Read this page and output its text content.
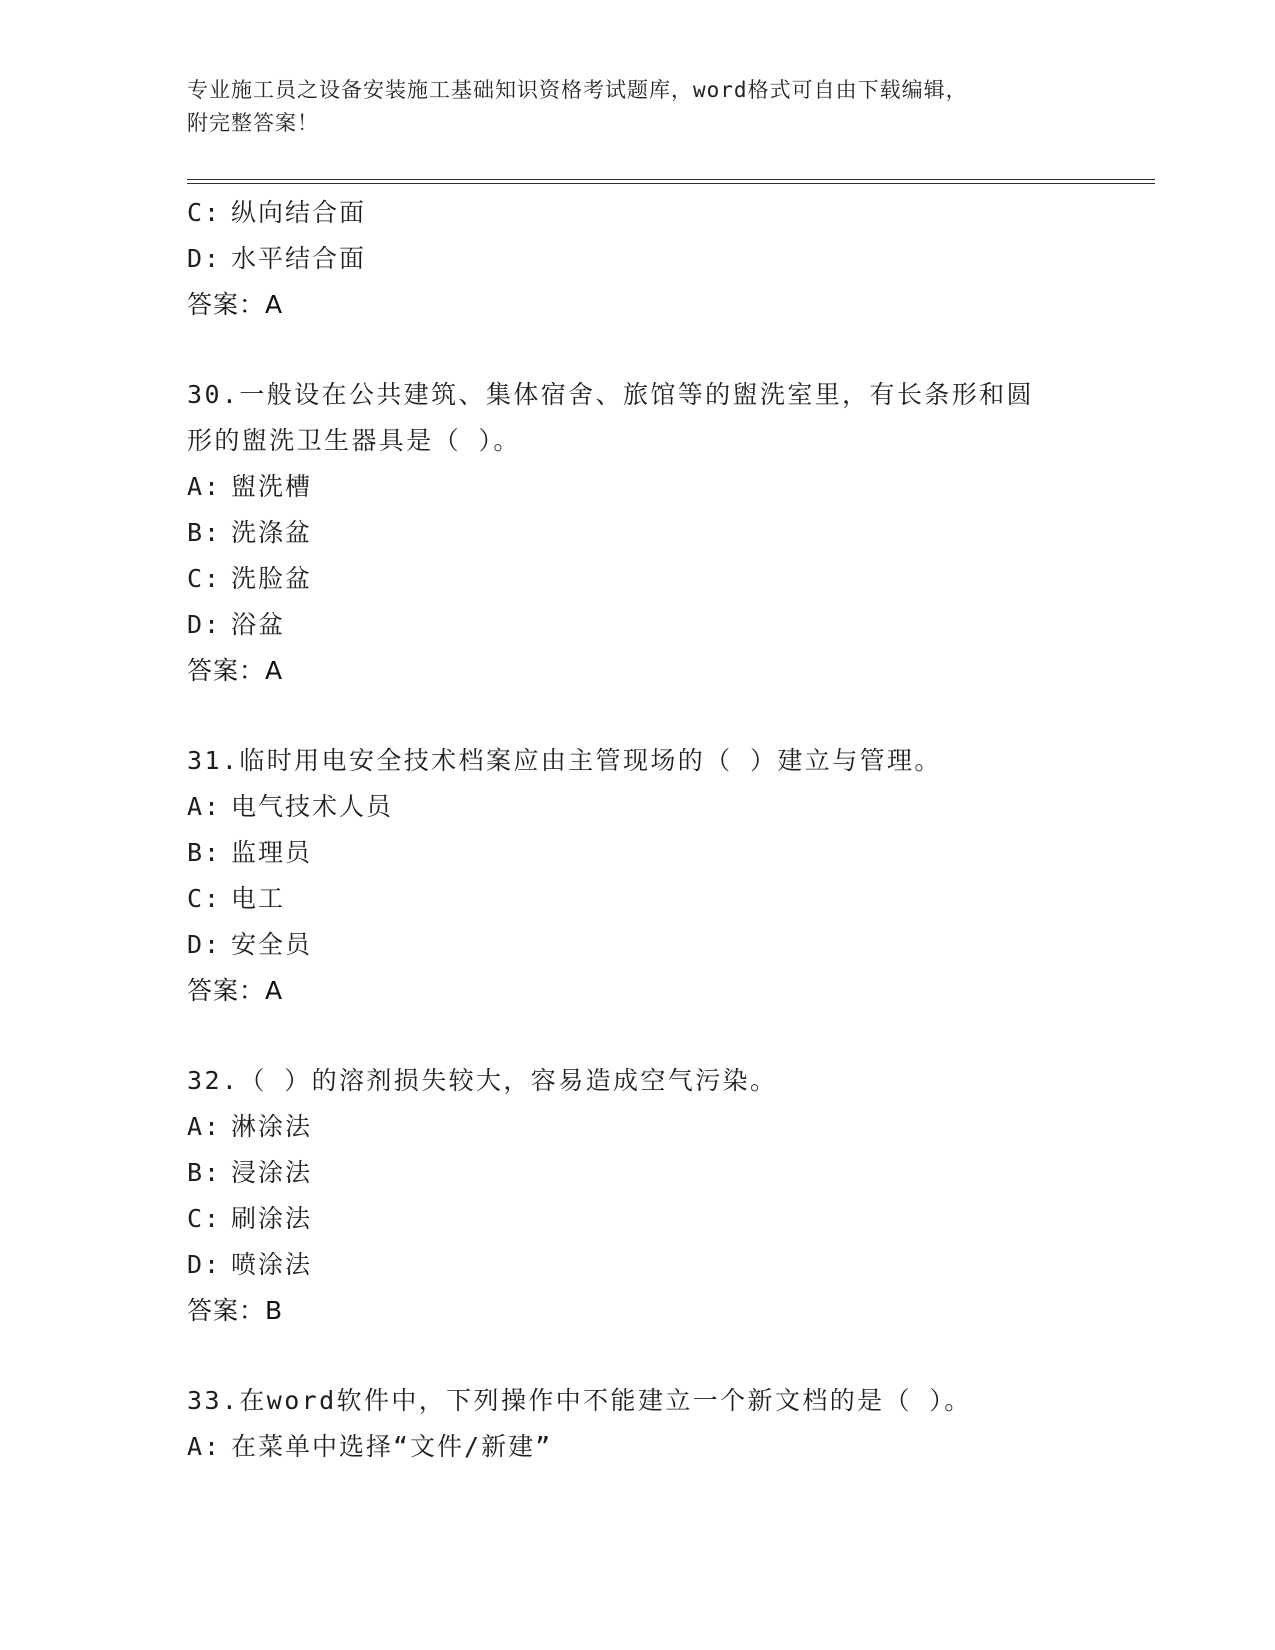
专业施工员之设备安装施工基础知识资格考试题库，word格式可自由下载编辑，
附完整答案！
C: 纵向结合面
D: 水平结合面
答案：A
30.一般设在公共建筑、集体宿舍、旅馆等的盥洗室里，有长条形和圆
形的盥洗卫生器具是（ ）。
A: 盥洗槽
B: 洗涤盆
C: 洗脸盆
D: 浴盆
答案：A
31.临时用电安全技术档案应由主管现场的（ ）建立与管理。
A: 电气技术人员
B: 监理员
C: 电工
D: 安全员
答案：A
32.（ ）的溶剂损失较大，容易造成空气污染。
A: 淋涂法
B: 浸涂法
C: 刷涂法
D: 喷涂法
答案：B
33.在word软件中，下列操作中不能建立一个新文档的是（ ）。
A: 在菜单中选择“文件/新建”
